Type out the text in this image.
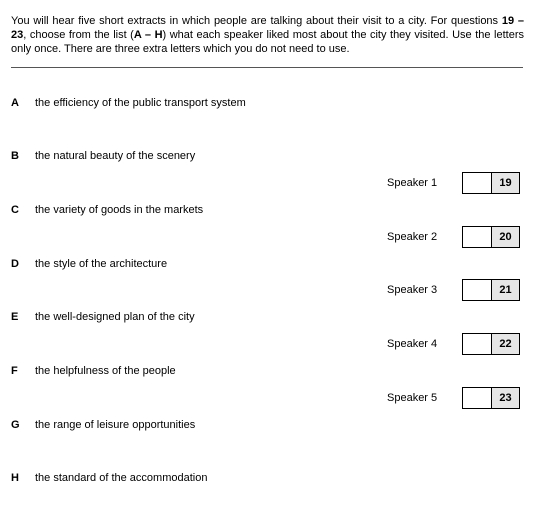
You will hear five short extracts in which people are talking about their visit to a city. For questions 19 – 23, choose from the list (A – H) what each speaker liked most about the city they visited. Use the letters only once. There are three extra letters which you do not need to use.
A	the efficiency of the public transport system
B	the natural beauty of the scenery
C	the variety of goods in the markets
D	the style of the architecture
E	the well-designed plan of the city
F	the helpfulness of the people
G	the range of leisure opportunities
H	the standard of the accommodation
Speaker 1	19
Speaker 2	20
Speaker 3	21
Speaker 4	22
Speaker 5	23
